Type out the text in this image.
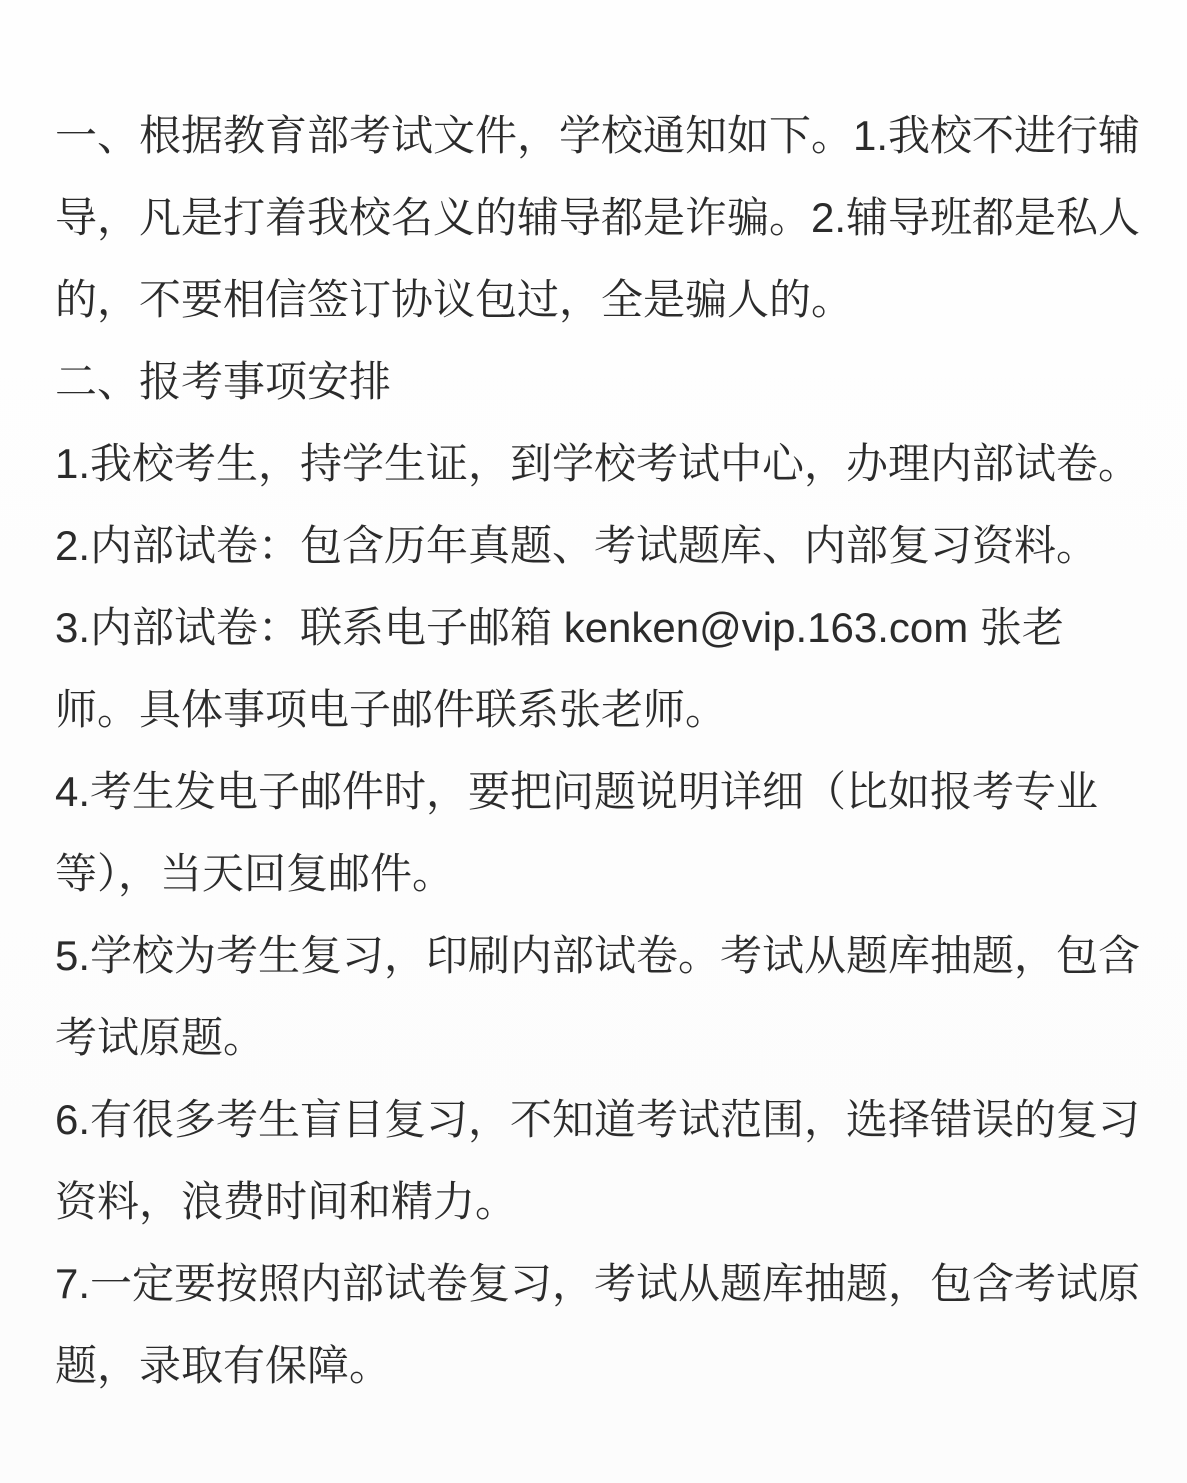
一、根据教育部考试文件，学校通知如下。1.我校不进行辅

导，凡是打着我校名义的辅导都是诈骗。2.辅导班都是私人

的，不要相信签订协议包过，全是骗人的。

二、报考事项安排

1.我校考生，持学生证，到学校考试中心，办理内部试卷。

2.内部试卷：包含历年真题、考试题库、内部复习资料。

3.内部试卷：联系电子邮箱 kenken@vip.163.com 张老

师。具体事项电子邮件联系张老师。

4.考生发电子邮件时，要把问题说明详细（比如报考专业

等），当天回复邮件。

5.学校为考生复习，印刷内部试卷。考试从题库抽题，包含

考试原题。

6.有很多考生盲目复习，不知道考试范围，选择错误的复习

资料，浪费时间和精力。

7.一定要按照内部试卷复习，考试从题库抽题，包含考试原

题，录取有保障。
